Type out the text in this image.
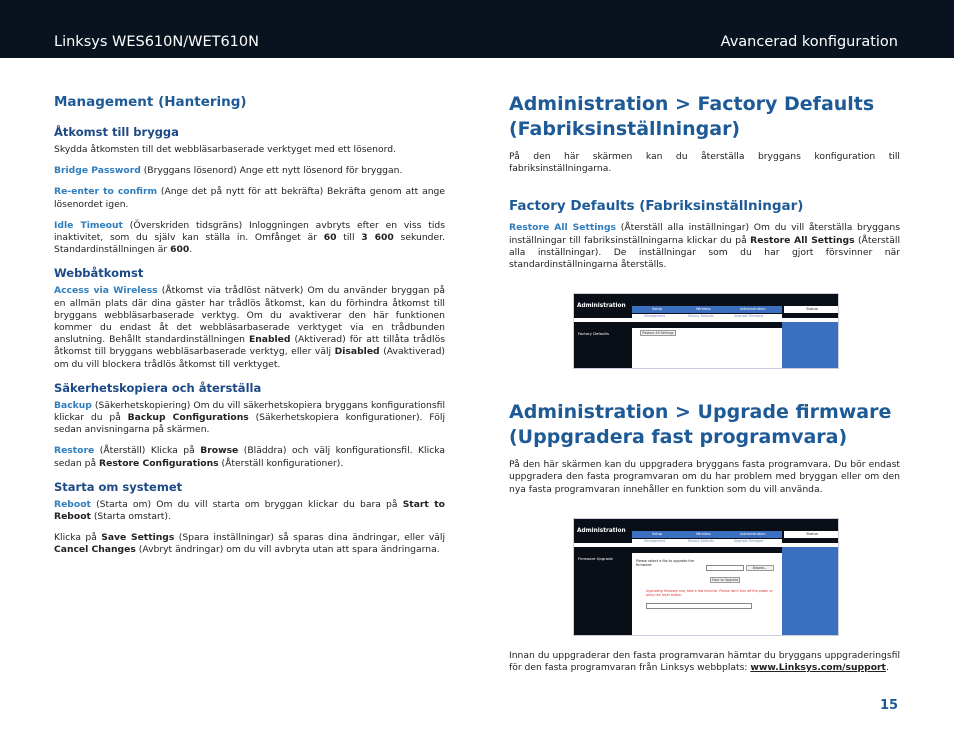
Linksys WES610N/WET610N	Avancerad konfiguration
Management (Hantering)
Åtkomst till brygga

Skydda åtkomsten till det webbläsarbaserade verktyget med ett lösenord.

Bridge Password (Bryggans lösenord) Ange ett nytt lösenord för bryggan.

Re-enter to confirm (Ange det på nytt för att bekräfta) Bekräfta genom att ange lösenordet igen.

Idle Timeout (Överskriden tidsgräns) Inloggningen avbryts efter en viss tids inaktivitet, som du själv kan ställa in. Omfånget är 60 till 3 600 sekunder. Standardinställningen är 600.

Webbåtkomst

Access via Wireless (Åtkomst via trådlöst nätverk) Om du använder bryggan på en allmän plats där dina gäster har trådlös åtkomst, kan du förhindra åtkomst till bryggans webbläsarbaserade verktyg. Om du avaktiverar den här funktionen kommer du endast åt det webbläsarbaserade verktyget via en trådbunden anslutning. Behållt standardinställningen Enabled (Aktiverad) för att tillåta trådlös åtkomst till bryggans webbläsarbaserade verktyg, eller välj Disabled (Avaktiverad) om du vill blockera trådlös åtkomst till verktyget.

Säkerhetskopiera och återställa

Backup (Säkerhetskopiering) Om du vill säkerhetskopiera bryggans konfigurationsfil klickar du på Backup Configurations (Säkerhetskopiera konfigurationer). Följ sedan anvisningarna på skärmen.

Restore (Återställ) Klicka på Browse (Bläddra) och välj konfigurationsfil. Klicka sedan på Restore Configurations (Återställ konfigurationer).

Starta om systemet

Reboot (Starta om) Om du vill starta om bryggan klickar du bara på Start to Reboot (Starta omstart).

Klicka på Save Settings (Spara inställningar) så sparas dina ändringar, eller välj Cancel Changes (Avbryt ändringar) om du vill avbryta utan att spara ändringarna.

Administration > Factory Defaults (Fabriksinställningar)

På den här skärmen kan du återställa bryggans konfiguration till fabriksinställningarna.

Factory Defaults (Fabriksinställningar)

Restore All Settings (Återställ alla inställningar) Om du vill återställa bryggans inställningar till fabriksinställningarna klickar du på Restore All Settings (Återställ alla inställningar). De inställningar som du har gjort försvinner när standardinställningarna återställs.

Administration	Setup	Wireless	Administration
Management	Factory Defaults	Upgrade Firmware
Status
Factory Defaults	Restore All Settings
Administration > Upgrade firmware (Uppgradera fast programvara)

På den här skärmen kan du uppgradera bryggans fasta programvara. Du bör endast uppgradera den fasta programvaran om du har problem med bryggan eller om den nya fasta programvaran innehåller en funktion som du vill använda.

Administration	Setup	Wireless	Administration
Management	Factory Defaults	Upgrade Firmware
Status
Firmware Upgrade	Please select a file to upgrade the firmware:
Browse...
Start to Upgrade
Upgrading firmware may take a few minutes. Please don't turn off the power or press the reset button.

Innan du uppgraderar den fasta programvaran hämtar du bryggans uppgraderingsfil för den fasta programvaran från Linksys webbplats: www.Linksys.com/support.

15
